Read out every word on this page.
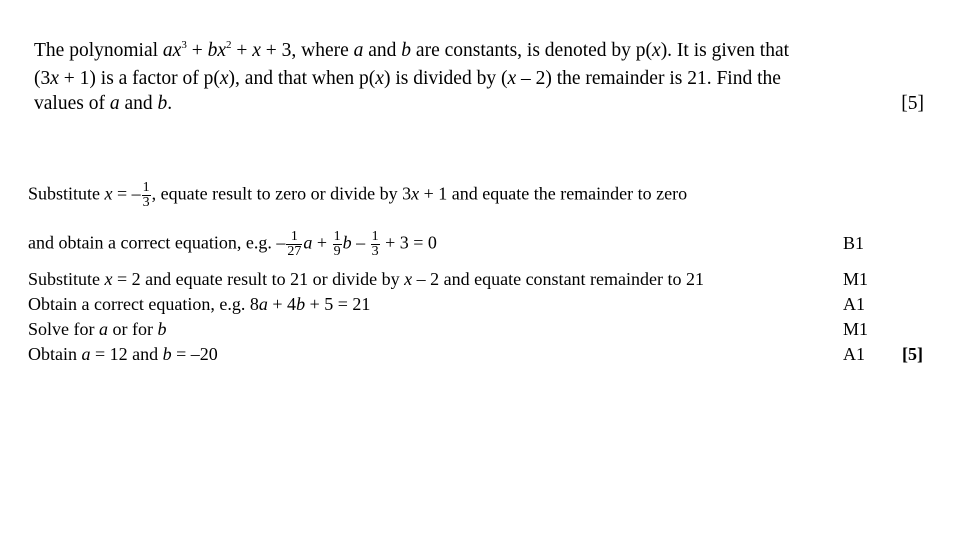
The polynomial $ax^3 + bx^2 + x + 3$, where a and b are constants, is denoted by p(x). It is given that
(3x + 1) is a factor of p(x), and that when p(x) is divided by (x – 2) the remainder is 21. Find the
values of a and b.	[5]
Substitute x = – $\frac{1}{3}$ , equate result to zero or divide by 3x + 1 and equate the remainder to zero
and obtain a correct equation, e.g. – $\frac{1}{27}$ $a + \frac{1}{9}$ $b - \frac{1}{3} + 3 = 0$	B1
Substitute x = 2 and equate result to 21 or divide by x – 2 and equate constant remainder to 21	M1
Obtain a correct equation, e.g. 8a + 4b + 5 = 21	A1
Solve for a or for b	M1
Obtain a = 12 and b = –20	A1 [5]
